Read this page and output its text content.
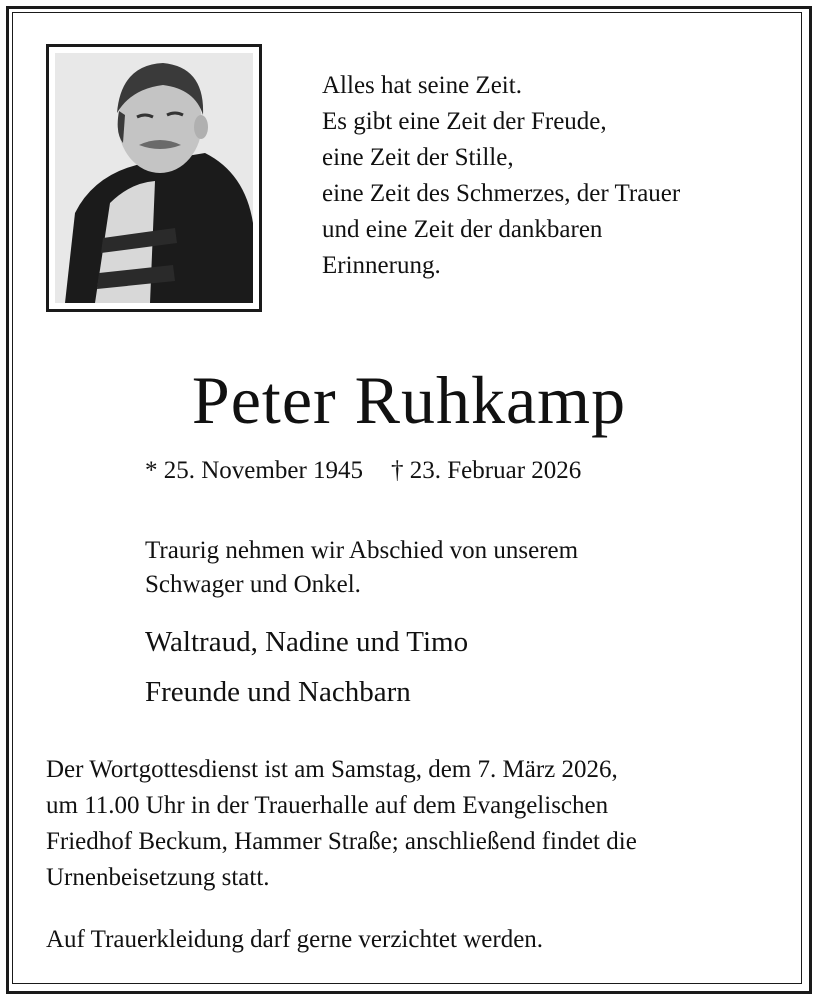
Alles hat seine Zeit.
Es gibt eine Zeit der Freude,
eine Zeit der Stille,
eine Zeit des Schmerzes, der Trauer
und eine Zeit der dankbaren
Erinnerung.
Peter Ruhkamp
* 25. November 1945 † 23. Februar 2026
Traurig nehmen wir Abschied von unserem
Schwager und Onkel.
Waltraud, Nadine und Timo
Freunde und Nachbarn
Der Wortgottesdienst ist am Samstag, dem 7. März 2026,
um 11.00 Uhr in der Trauerhalle auf dem Evangelischen
Friedhof Beckum, Hammer Straße; anschließend findet die
Urnenbeisetzung statt.
Auf Trauerkleidung darf gerne verzichtet werden.
